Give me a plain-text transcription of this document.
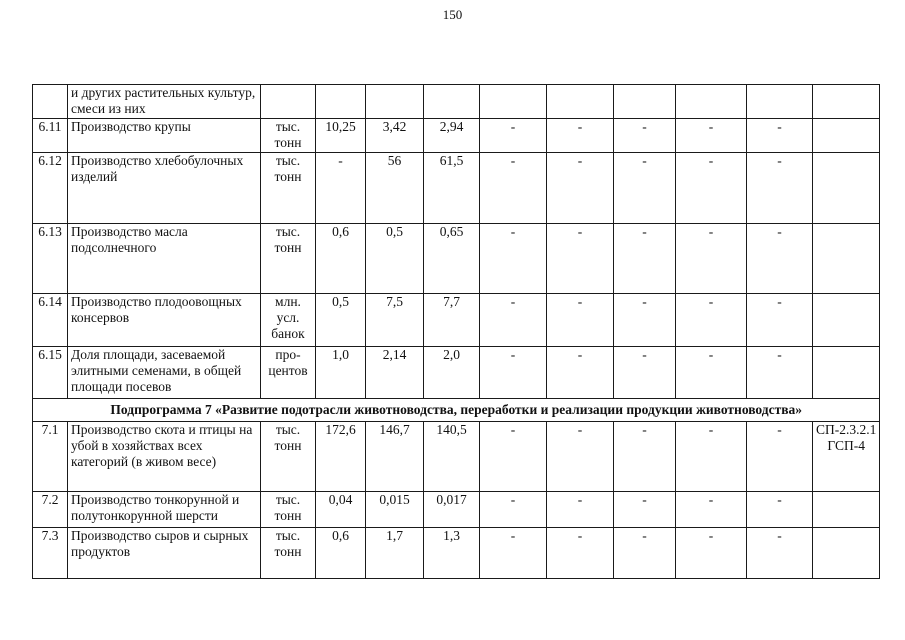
150
	и других растительных культур, смеси из них										
6.11	Производство крупы	тыс. тонн	10,25	3,42	2,94	-	-	-	-	-	
6.12	Производство хлебобулочных изделий	тыс. тонн	-	56	61,5	-	-	-	-	-	
6.13	Производство масла подсолнечного	тыс. тонн	0,6	0,5	0,65	-	-	-	-	-	
6.14	Производство плодоовощных консервов	млн. усл. банок	0,5	7,5	7,7	-	-	-	-	-	
6.15	Доля площади, засеваемой элитными семенами, в общей площади посевов	про-центов	1,0	2,14	2,0	-	-	-	-	-	
Подпрограмма 7 «Развитие подотрасли животноводства, переработки и реализации продукции животноводства»											
7.1	Производство скота и птицы на убой в хозяйствах всех категорий (в живом весе)	тыс. тонн	172,6	146,7	140,5	-	-	-	-	-	СП-2.3.2.1 ГСП-4
7.2	Производство тонкорунной и полутонкорунной шерсти	тыс. тонн	0,04	0,015	0,017	-	-	-	-	-	
7.3	Производство сыров и сырных продуктов	тыс. тонн	0,6	1,7	1,3	-	-	-	-	-	
